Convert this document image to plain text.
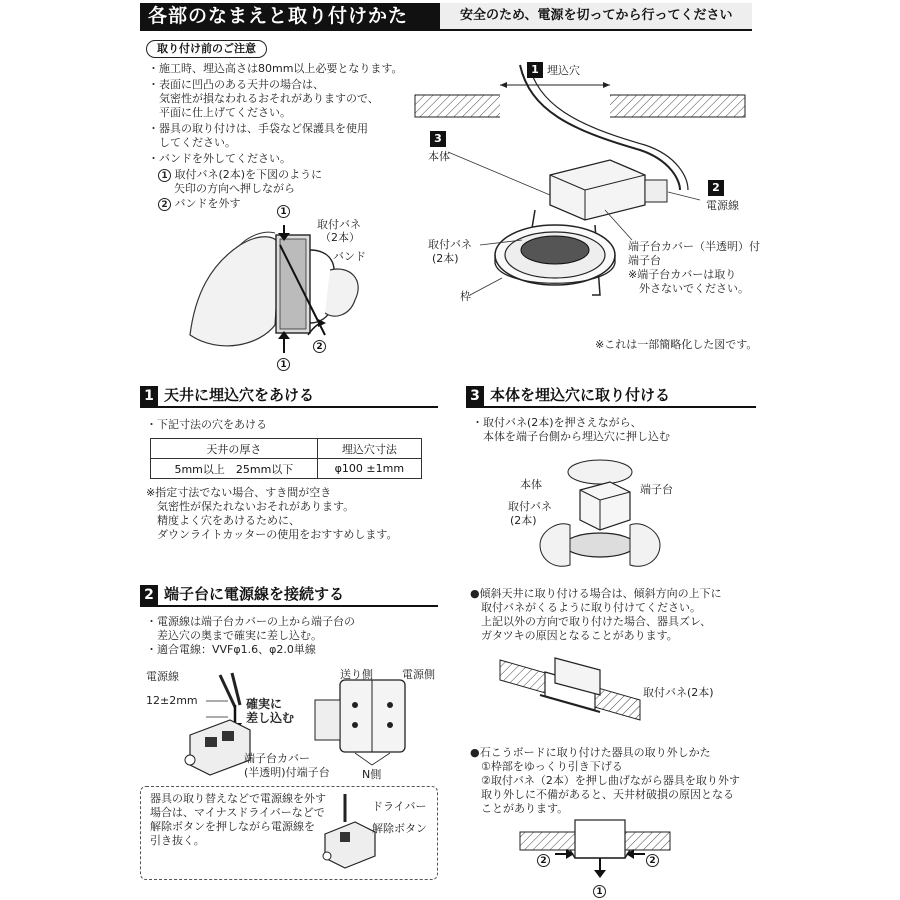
各部のなまえと取り付けかた	安全のため、電源を切ってから行ってください
取り付け前のご注意
・施工時、埋込高さは80mm以上必要となります。
・表面に凹凸のある天井の場合は、
　気密性が損なわれるおそれがありますので、
　平面に仕上げてください。
・器具の取り付けは、手袋など保護具を使用
　してください。
・バンドを外してください。
1 取付バネ(2本)を下図のように
矢印の方向へ押しながら
2 バンドを外す
1
1
2
取付バネ
（2本）
バンド
1 埋込穴
3
本体
2
電源線
取付バネ
(2本)
端子台カバー（半透明）付
端子台
※端子台カバーは取り
　外さないでください。
枠
※これは一部簡略化した図です。
1 天井に埋込穴をあける
・下記寸法の穴をあける
天井の厚さ	埋込穴寸法
5mm以上　25mm以下	φ100 ±1mm
※指定寸法でない場合、すき間が空き
　気密性が保たれないおそれがあります。
　精度よく穴をあけるために、
　ダウンライトカッターの使用をおすすめします。
2 端子台に電源線を接続する
・電源線は端子台カバーの上から端子台の
　差込穴の奥まで確実に差し込む。
・適合電線：VVFφ1.6、φ2.0単線
電源線
12±2mm	確実に
差し込む
端子台カバー
(半透明)付端子台
送り側	電源側
N側
器具の取り替えなどで電源線を外す
場合は、マイナスドライバーなどで
解除ボタンを押しながら電源線を
引き抜く。
ドライバー
解除ボタン
3 本体を埋込穴に取り付ける
・取付バネ(2本)を押さえながら、
　本体を端子台側から埋込穴に押し込む
本体	端子台
取付バネ
(2本)
●傾斜天井に取り付ける場合は、傾斜方向の上下に
　取付バネがくるように取り付けてください。
　上記以外の方向で取り付けた場合、器具ズレ、
　ガタツキの原因となることがあります。
取付バネ(2本)
●石こうボードに取り付けた器具の取り外しかた
　①枠部をゆっくり引き下げる
　②取付バネ（2本）を押し曲げながら器具を取り外す
　取り外しに不備があると、天井材破損の原因となる
　ことがあります。
2	2
1
